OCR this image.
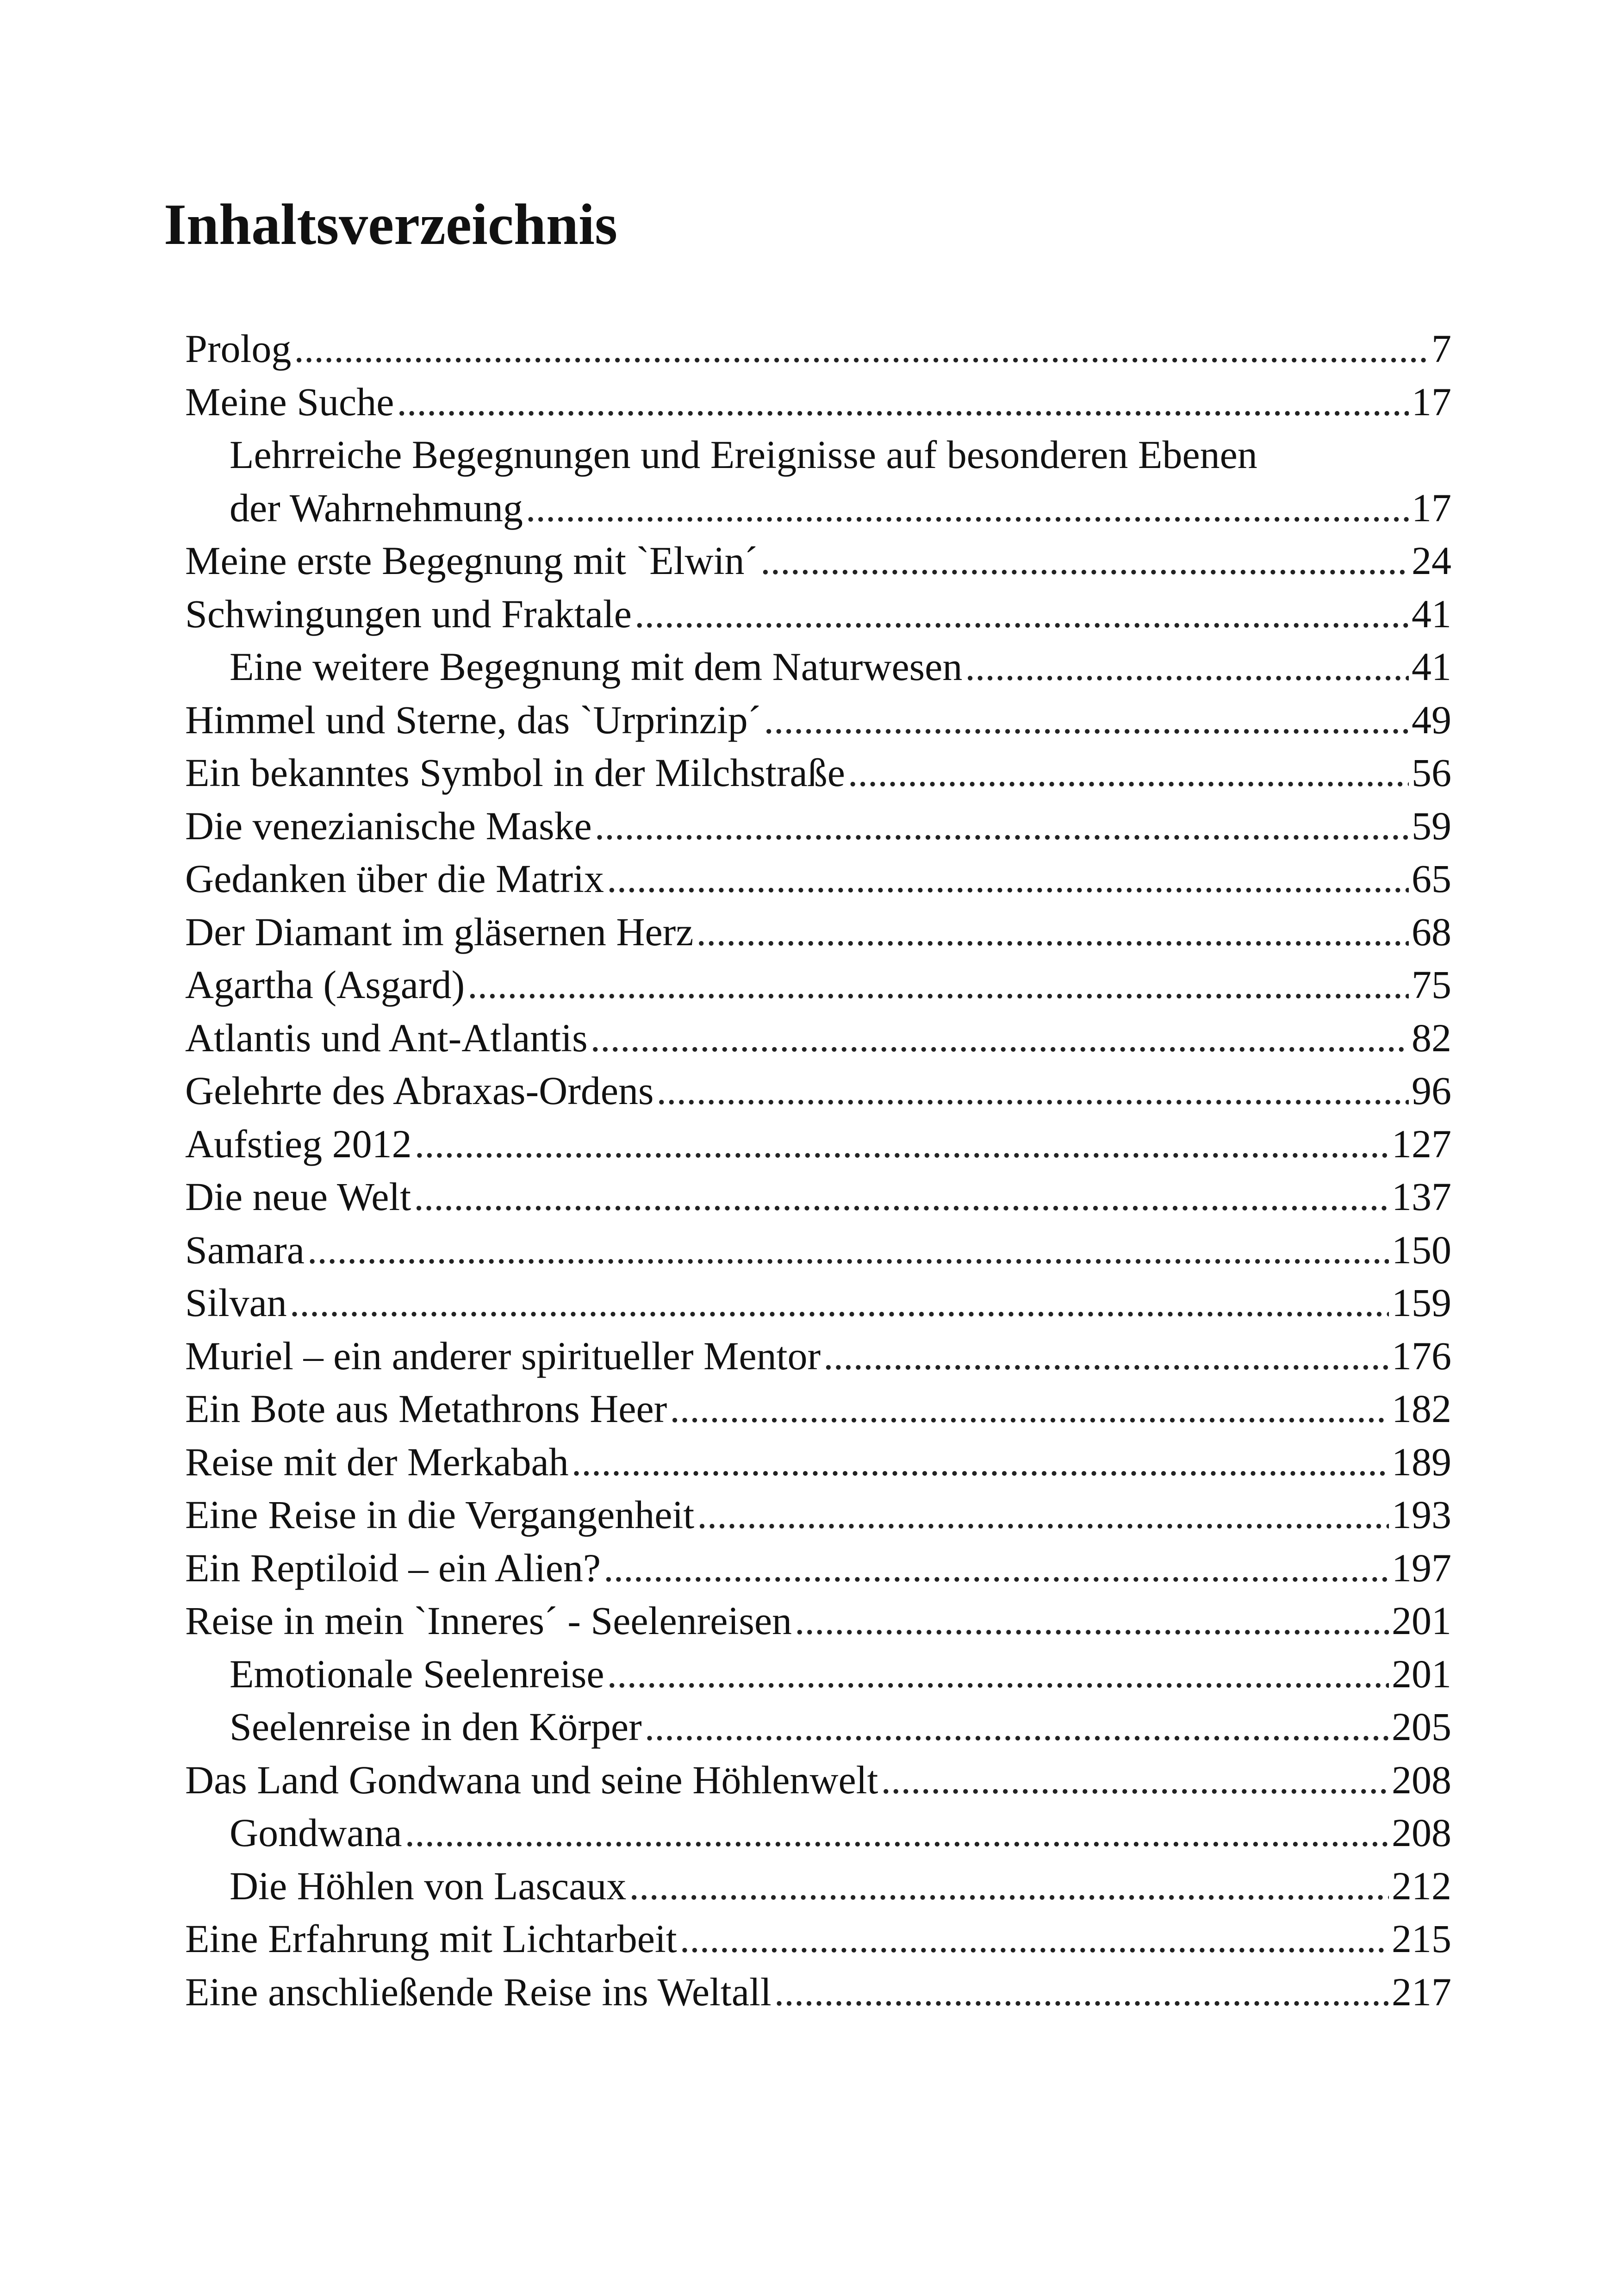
Inhaltsverzeichnis
Prolog .....	7
Meine Suche .....	17
Lehrreiche Begegnungen und Ereignisse auf besonderen Ebenen
der Wahrnehmung .....	17
Meine erste Begegnung mit `Elwin´ .....	24
Schwingungen und Fraktale .....	41
Eine weitere Begegnung mit dem Naturwesen .....	41
Himmel und Sterne, das `Urprinzip´ .....	49
Ein bekanntes Symbol in der Milchstraße .....	56
Die venezianische Maske .....	59
Gedanken über die Matrix .....	65
Der Diamant im gläsernen Herz .....	68
Agartha (Asgard) .....	75
Atlantis und Ant-Atlantis .....	82
Gelehrte des Abraxas-Ordens .....	96
Aufstieg 2012 .....	127
Die neue Welt .....	137
Samara .....	150
Silvan .....	159
Muriel – ein anderer spiritueller Mentor .....	176
Ein Bote aus Metathrons Heer .....	182
Reise mit der Merkabah .....	189
Eine Reise in die Vergangenheit .....	193
Ein Reptiloid – ein Alien? .....	197
Reise in mein `Inneres´ - Seelenreisen .....	201
Emotionale Seelenreise .....	201
Seelenreise in den Körper .....	205
Das Land Gondwana und seine Höhlenwelt .....	208
Gondwana .....	208
Die Höhlen von Lascaux .....	212
Eine Erfahrung mit Lichtarbeit .....	215
Eine anschließende Reise ins Weltall .....	217
